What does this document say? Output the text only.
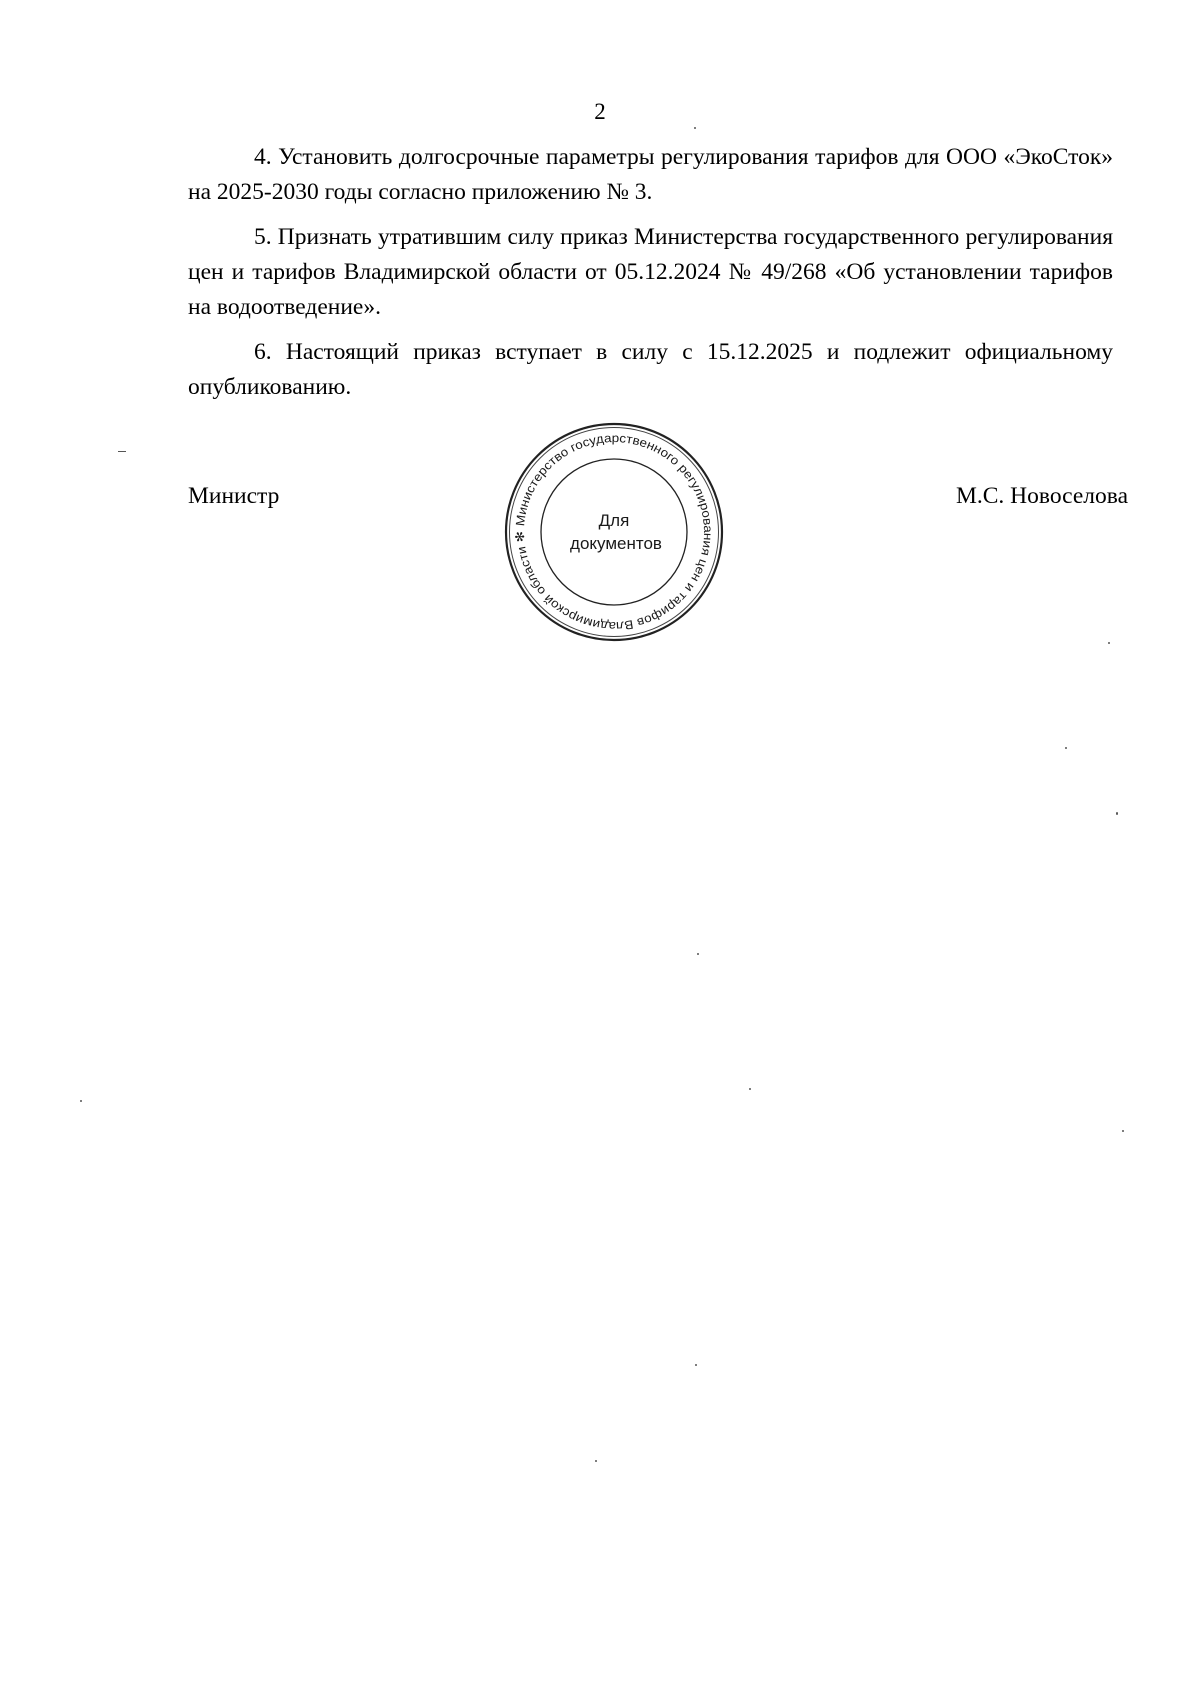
2

4. Установить долгосрочные параметры регулирования тарифов для ООО «ЭкоСток» на 2025-2030 годы согласно приложению № 3.

5. Признать утратившим силу приказ Министерства государственного регулирования цен и тарифов Владимирской области от 05.12.2024 № 49/268 «Об установлении тарифов на водоотведение».

6. Настоящий приказ вступает в силу с 15.12.2025 и подлежит официальному опубликованию.

Министр
Министерство государственного регулирования цен и тарифов Владимирской области ✻
Для
документов
М.С. Новоселова
